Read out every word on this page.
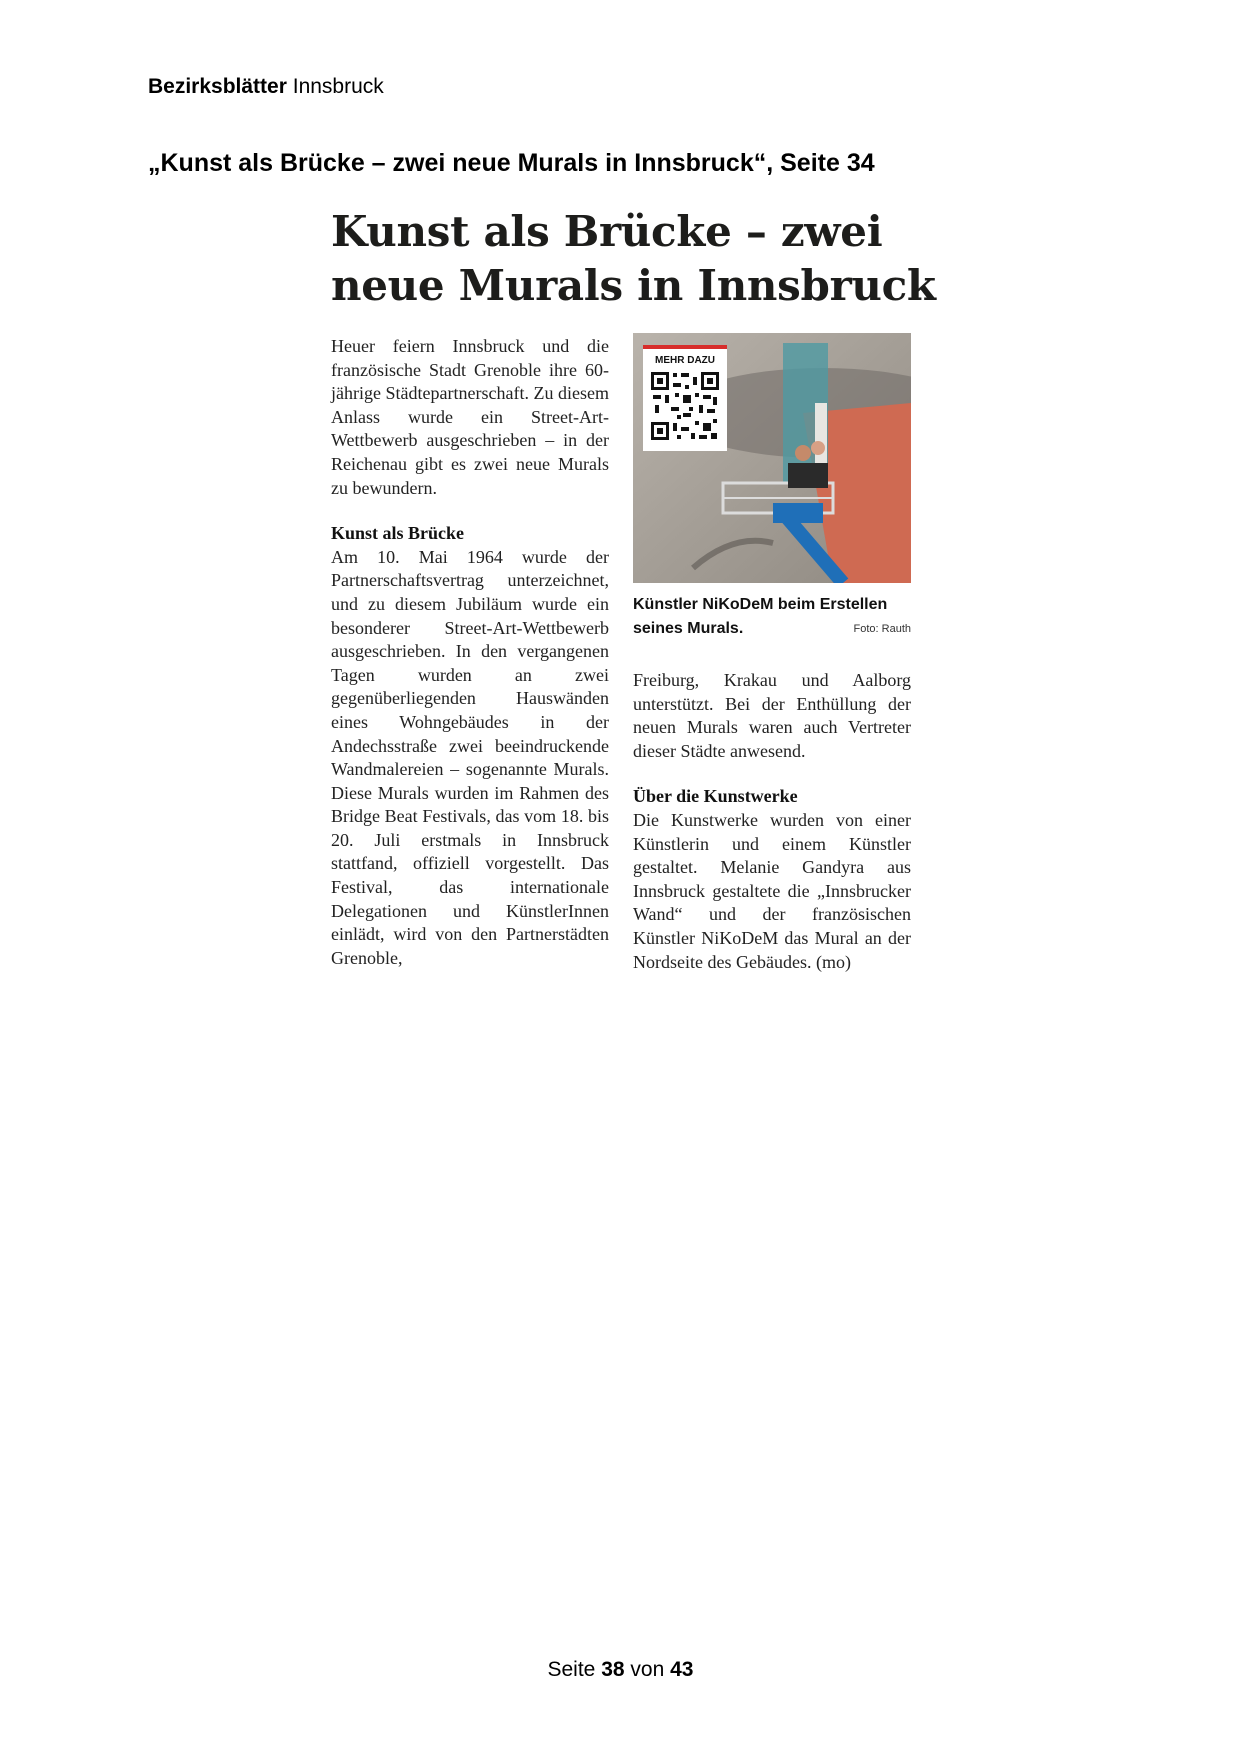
Bezirksblätter Innsbruck
„Kunst als Brücke – zwei neue Murals in Innsbruck“, Seite 34
Kunst als Brücke – zwei
neue Murals in Innsbruck

Heuer feiern Innsbruck und die französische Stadt Grenoble ihre 60-jährige Städtepartnerschaft. Zu diesem Anlass wurde ein Street-Art-Wettbewerb ausgeschrieben – in der Reichenau gibt es zwei neue Murals zu bewundern.

Kunst als Brücke

Am 10. Mai 1964 wurde der Partnerschaftsvertrag unterzeichnet, und zu diesem Jubiläum wurde ein besonderer Street-Art-Wettbewerb ausgeschrieben. In den vergangenen Tagen wurden an zwei gegenüberliegenden Hauswänden eines Wohngebäudes in der Andechsstraße zwei beeindruckende Wandmalereien – sogenannte Murals. Diese Murals wurden im Rahmen des Bridge Beat Festivals, das vom 18. bis 20. Juli erstmals in Innsbruck stattfand, offiziell vorgestellt. Das Festival, das internationale Delegationen und KünstlerInnen einlädt, wird von den Partnerstädten Grenoble,

MEHR DAZU
Künstler NiKoDeM beim Erstellen seines Murals.	Foto: Rauth

Freiburg, Krakau und Aalborg unterstützt. Bei der Enthüllung der neuen Murals waren auch Vertreter dieser Städte anwesend.

Über die Kunstwerke

Die Kunstwerke wurden von einer Künstlerin und einem Künstler gestaltet. Melanie Gandyra aus Innsbruck gestaltete die „Innsbrucker Wand“ und der französischen Künstler NiKoDeM das Mural an der Nordseite des Gebäudes. (mo)

Seite 38 von 43
